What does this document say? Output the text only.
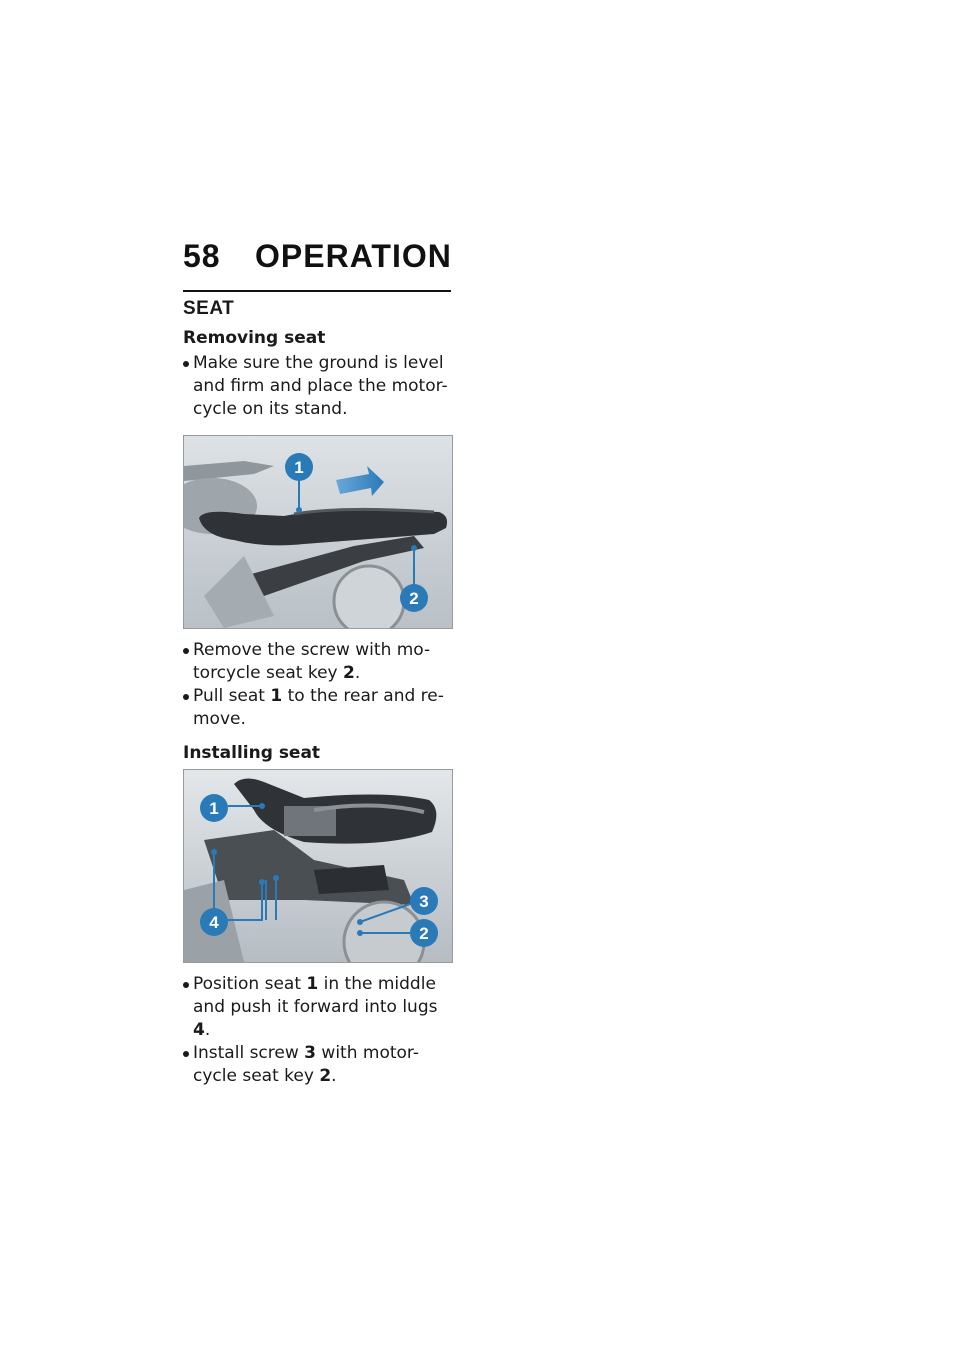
58	OPERATION
SEAT
Removing seat

Make sure the ground is level and firm and place the motor-cycle on its stand.

1
2

Remove the screw with mo-torcycle seat key 2.

Pull seat 1 to the rear and re-move.

Installing seat
1
4
3
2

Position seat 1 in the middle and push it forward into lugs 4.

Install screw 3 with motor-cycle seat key 2.
